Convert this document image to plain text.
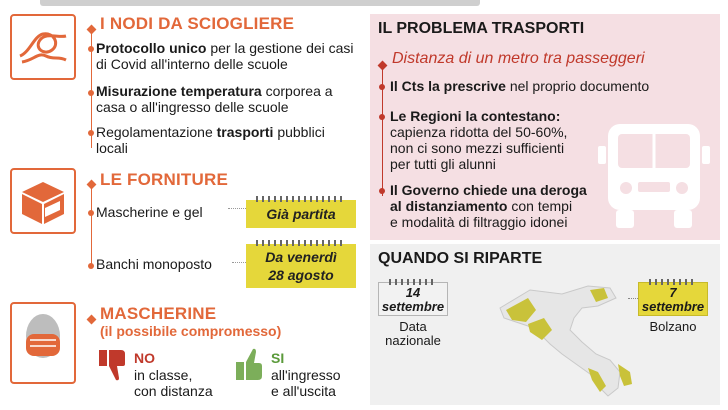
I NODI DA SCIOGLIERE
Protocollo unico per la gestione dei casi di Covid all'interno delle scuole
Misurazione temperatura corporea a casa o all'ingresso delle scuole
Regolamentazione trasporti pubblici locali
LE FORNITURE
Mascherine e gel
Banchi monoposto
Già partita
Da venerdì
28 agosto
MASCHERINE
(il possibile compromesso)
NO
in classe,
con distanza
SI
all'ingresso
e all'uscita
IL PROBLEMA TRASPORTI
Distanza di un metro tra passeggeri
Il Cts la prescrive nel proprio documento
Le Regioni la contestano:
capienza ridotta del 50-60%,
non ci sono mezzi sufficienti
per tutti gli alunni
Il Governo chiede una deroga
al distanziamento con tempi
e modalità di filtraggio idonei
QUANDO SI RIPARTE
14
settembre
Data
nazionale
7
settembre
Bolzano
